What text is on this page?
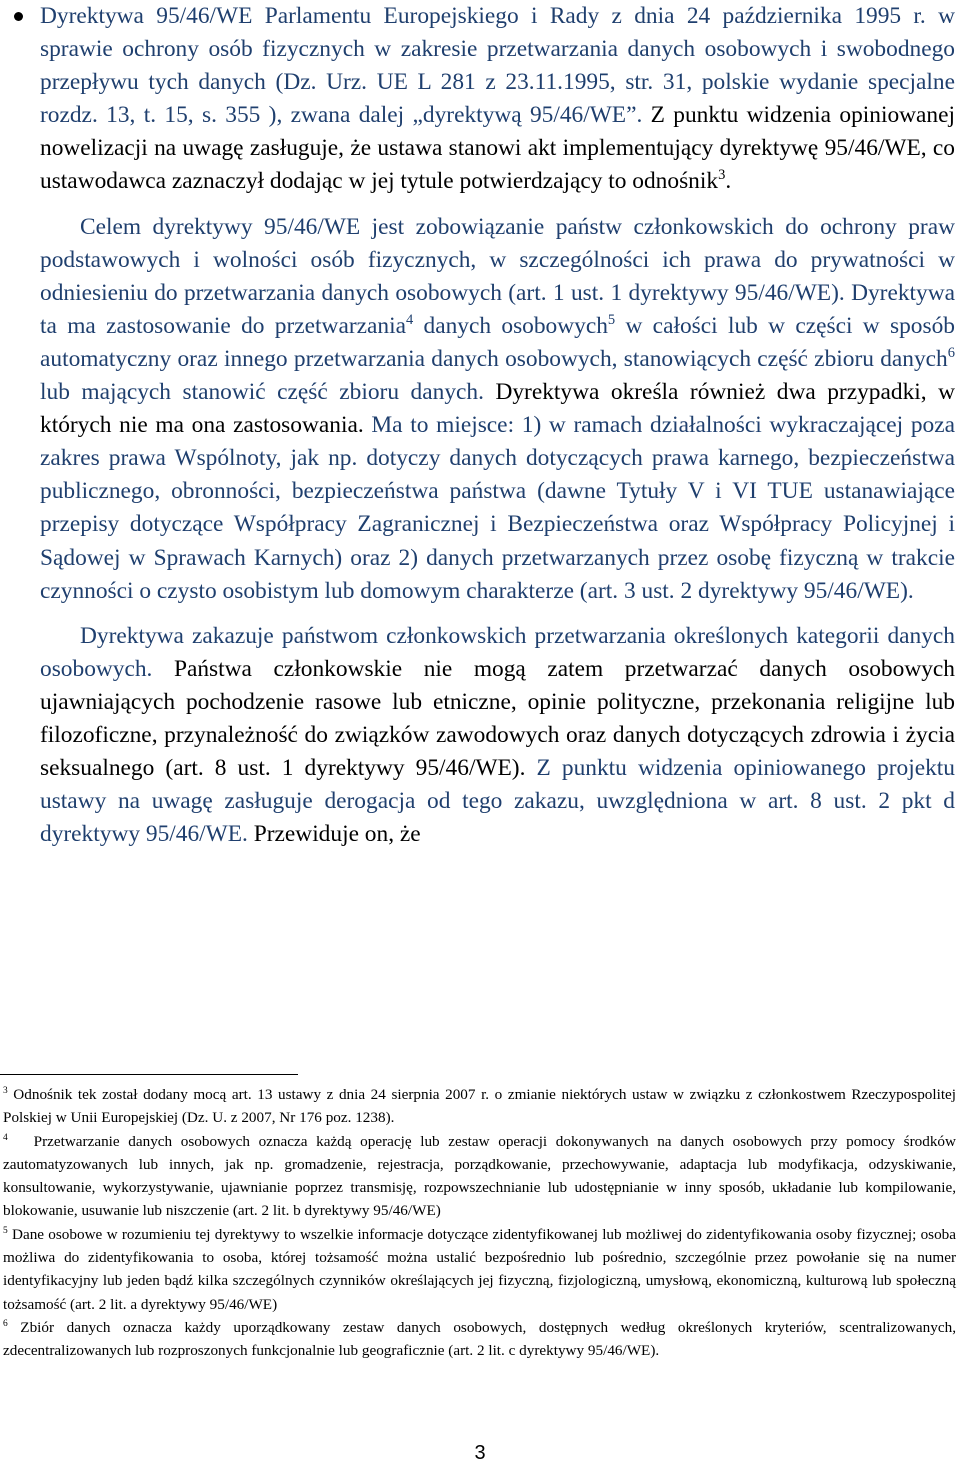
Dyrektywa 95/46/WE Parlamentu Europejskiego i Rady z dnia 24 października 1995 r. w sprawie ochrony osób fizycznych w zakresie przetwarzania danych osobowych i swobodnego przepływu tych danych (Dz. Urz. UE L 281 z 23.11.1995, str. 31, polskie wydanie specjalne rozdz. 13, t. 15, s. 355 ), zwana dalej „dyrektywą 95/46/WE”. Z punktu widzenia opiniowanej nowelizacji na uwagę zasługuje, że ustawa stanowi akt implementujący dyrektywę 95/46/WE, co ustawodawca zaznaczył dodając w jej tytule potwierdzający to odnośnik$^3$.

Celem dyrektywy 95/46/WE jest zobowiązanie państw członkowskich do ochrony praw podstawowych i wolności osób fizycznych, w szczególności ich prawa do prywatności w odniesieniu do przetwarzania danych osobowych (art. 1 ust. 1 dyrektywy 95/46/WE). Dyrektywa ta ma zastosowanie do przetwarzania$^4$ danych osobowych$^5$ w całości lub w części w sposób automatyczny oraz innego przetwarzania danych osobowych, stanowiących część zbioru danych$^6$ lub mających stanowić część zbioru danych. Dyrektywa określa również dwa przypadki, w których nie ma ona zastosowania. Ma to miejsce: 1) w ramach działalności wykraczającej poza zakres prawa Wspólnoty, jak np. dotyczy danych dotyczących prawa karnego, bezpieczeństwa publicznego, obronności, bezpieczeństwa państwa (dawne Tytuły V i VI TUE ustanawiające przepisy dotyczące Współpracy Zagranicznej i Bezpieczeństwa oraz Współpracy Policyjnej i Sądowej w Sprawach Karnych) oraz 2) danych przetwarzanych przez osobę fizyczną w trakcie czynności o czysto osobistym lub domowym charakterze (art. 3 ust. 2 dyrektywy 95/46/WE).

Dyrektywa zakazuje państwom członkowskich przetwarzania określonych kategorii danych osobowych. Państwa członkowskie nie mogą zatem przetwarzać danych osobowych ujawniających pochodzenie rasowe lub etniczne, opinie polityczne, przekonania religijne lub filozoficzne, przynależność do związków zawodowych oraz danych dotyczących zdrowia i życia seksualnego (art. 8 ust. 1 dyrektywy 95/46/WE). Z punktu widzenia opiniowanego projektu ustawy na uwagę zasługuje derogacja od tego zakazu, uwzględniona w art. 8 ust. 2 pkt d dyrektywy 95/46/WE. Przewiduje on, że

$^3$ Odnośnik tek został dodany mocą art. 13 ustawy z dnia 24 sierpnia 2007 r. o zmianie niektórych ustaw w związku z członkostwem Rzeczypospolitej Polskiej w Unii Europejskiej (Dz. U. z 2007, Nr 176 poz. 1238).

$^4$   Przetwarzanie danych osobowych oznacza każdą operację lub zestaw operacji dokonywanych na danych osobowych przy pomocy środków zautomatyzowanych lub innych, jak np. gromadzenie, rejestracja, porządkowanie, przechowywanie, adaptacja lub modyfikacja, odzyskiwanie, konsultowanie, wykorzystywanie, ujawnianie poprzez transmisję, rozpowszechnianie lub udostępnianie w inny sposób, układanie lub kompilowanie, blokowanie, usuwanie lub niszczenie (art. 2 lit. b dyrektywy 95/46/WE)

$^5$ Dane osobowe w rozumieniu tej dyrektywy to wszelkie informacje dotyczące zidentyfikowanej lub możliwej do zidentyfikowania osoby fizycznej; osoba możliwa do zidentyfikowania to osoba, której tożsamość można ustalić bezpośrednio lub pośrednio, szczególnie przez powołanie się na numer identyfikacyjny lub jeden bądź kilka szczególnych czynników określających jej fizyczną, fizjologiczną, umysłową, ekonomiczną, kulturową lub społeczną tożsamość (art. 2 lit. a dyrektywy 95/46/WE)

$^6$ Zbiór danych oznacza każdy uporządkowany zestaw danych osobowych, dostępnych według określonych kryteriów, scentralizowanych, zdecentralizowanych lub rozproszonych funkcjonalnie lub geograficznie (art. 2 lit. c dyrektywy 95/46/WE).

3
